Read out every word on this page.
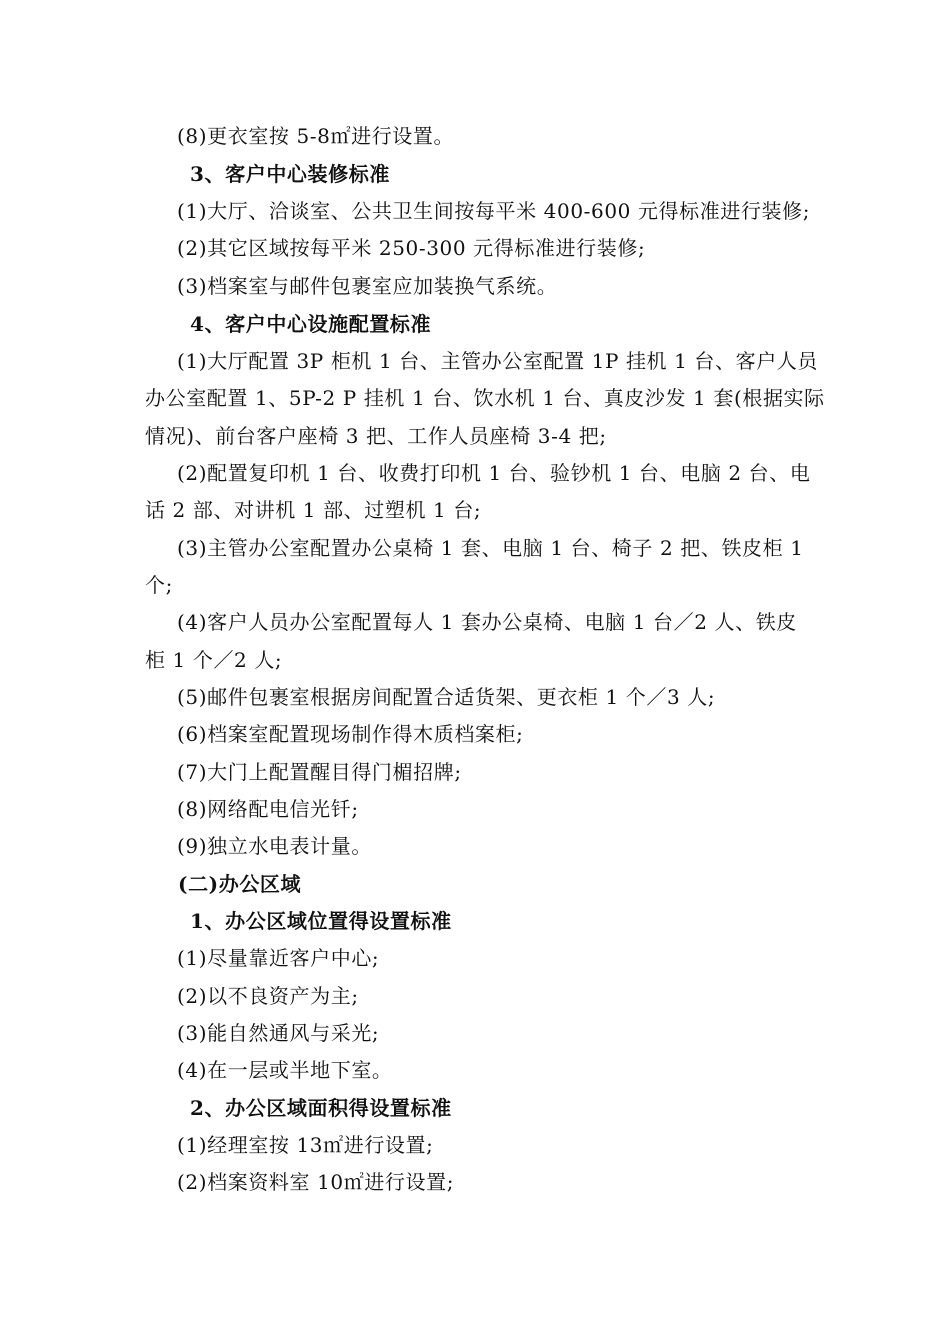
(8)更衣室按 5-8㎡进行设置。
3、客户中心装修标准
(1)大厅、洽谈室、公共卫生间按每平米 400-600 元得标准进行装修;
(2)其它区域按每平米 250-300 元得标准进行装修;
(3)档案室与邮件包裹室应加装换气系统。
4、客户中心设施配置标准
(1)大厅配置 3P 柜机 1 台、主管办公室配置 1P 挂机 1 台、客户人员
办公室配置 1、5P-2 P 挂机 1 台、饮水机 1 台、真皮沙发 1 套(根据实际
情况)、前台客户座椅 3 把、工作人员座椅 3-4 把;
(2)配置复印机 1 台、收费打印机 1 台、验钞机 1 台、电脑 2 台、电
话 2 部、对讲机 1 部、过塑机 1 台;
(3)主管办公室配置办公桌椅 1 套、电脑 1 台、椅子 2 把、铁皮柜 1
个;
(4)客户人员办公室配置每人 1 套办公桌椅、电脑 1 台／2 人、铁皮
柜 1 个／2 人;
(5)邮件包裹室根据房间配置合适货架、更衣柜 1 个／3 人;
(6)档案室配置现场制作得木质档案柜;
(7)大门上配置醒目得门楣招牌;
(8)网络配电信光钎;
(9)独立水电表计量。
(二)办公区域
1、办公区域位置得设置标准
(1)尽量靠近客户中心;
(2)以不良资产为主;
(3)能自然通风与采光;
(4)在一层或半地下室。
2、办公区域面积得设置标准
(1)经理室按 13㎡进行设置;
(2)档案资料室 10㎡进行设置;
